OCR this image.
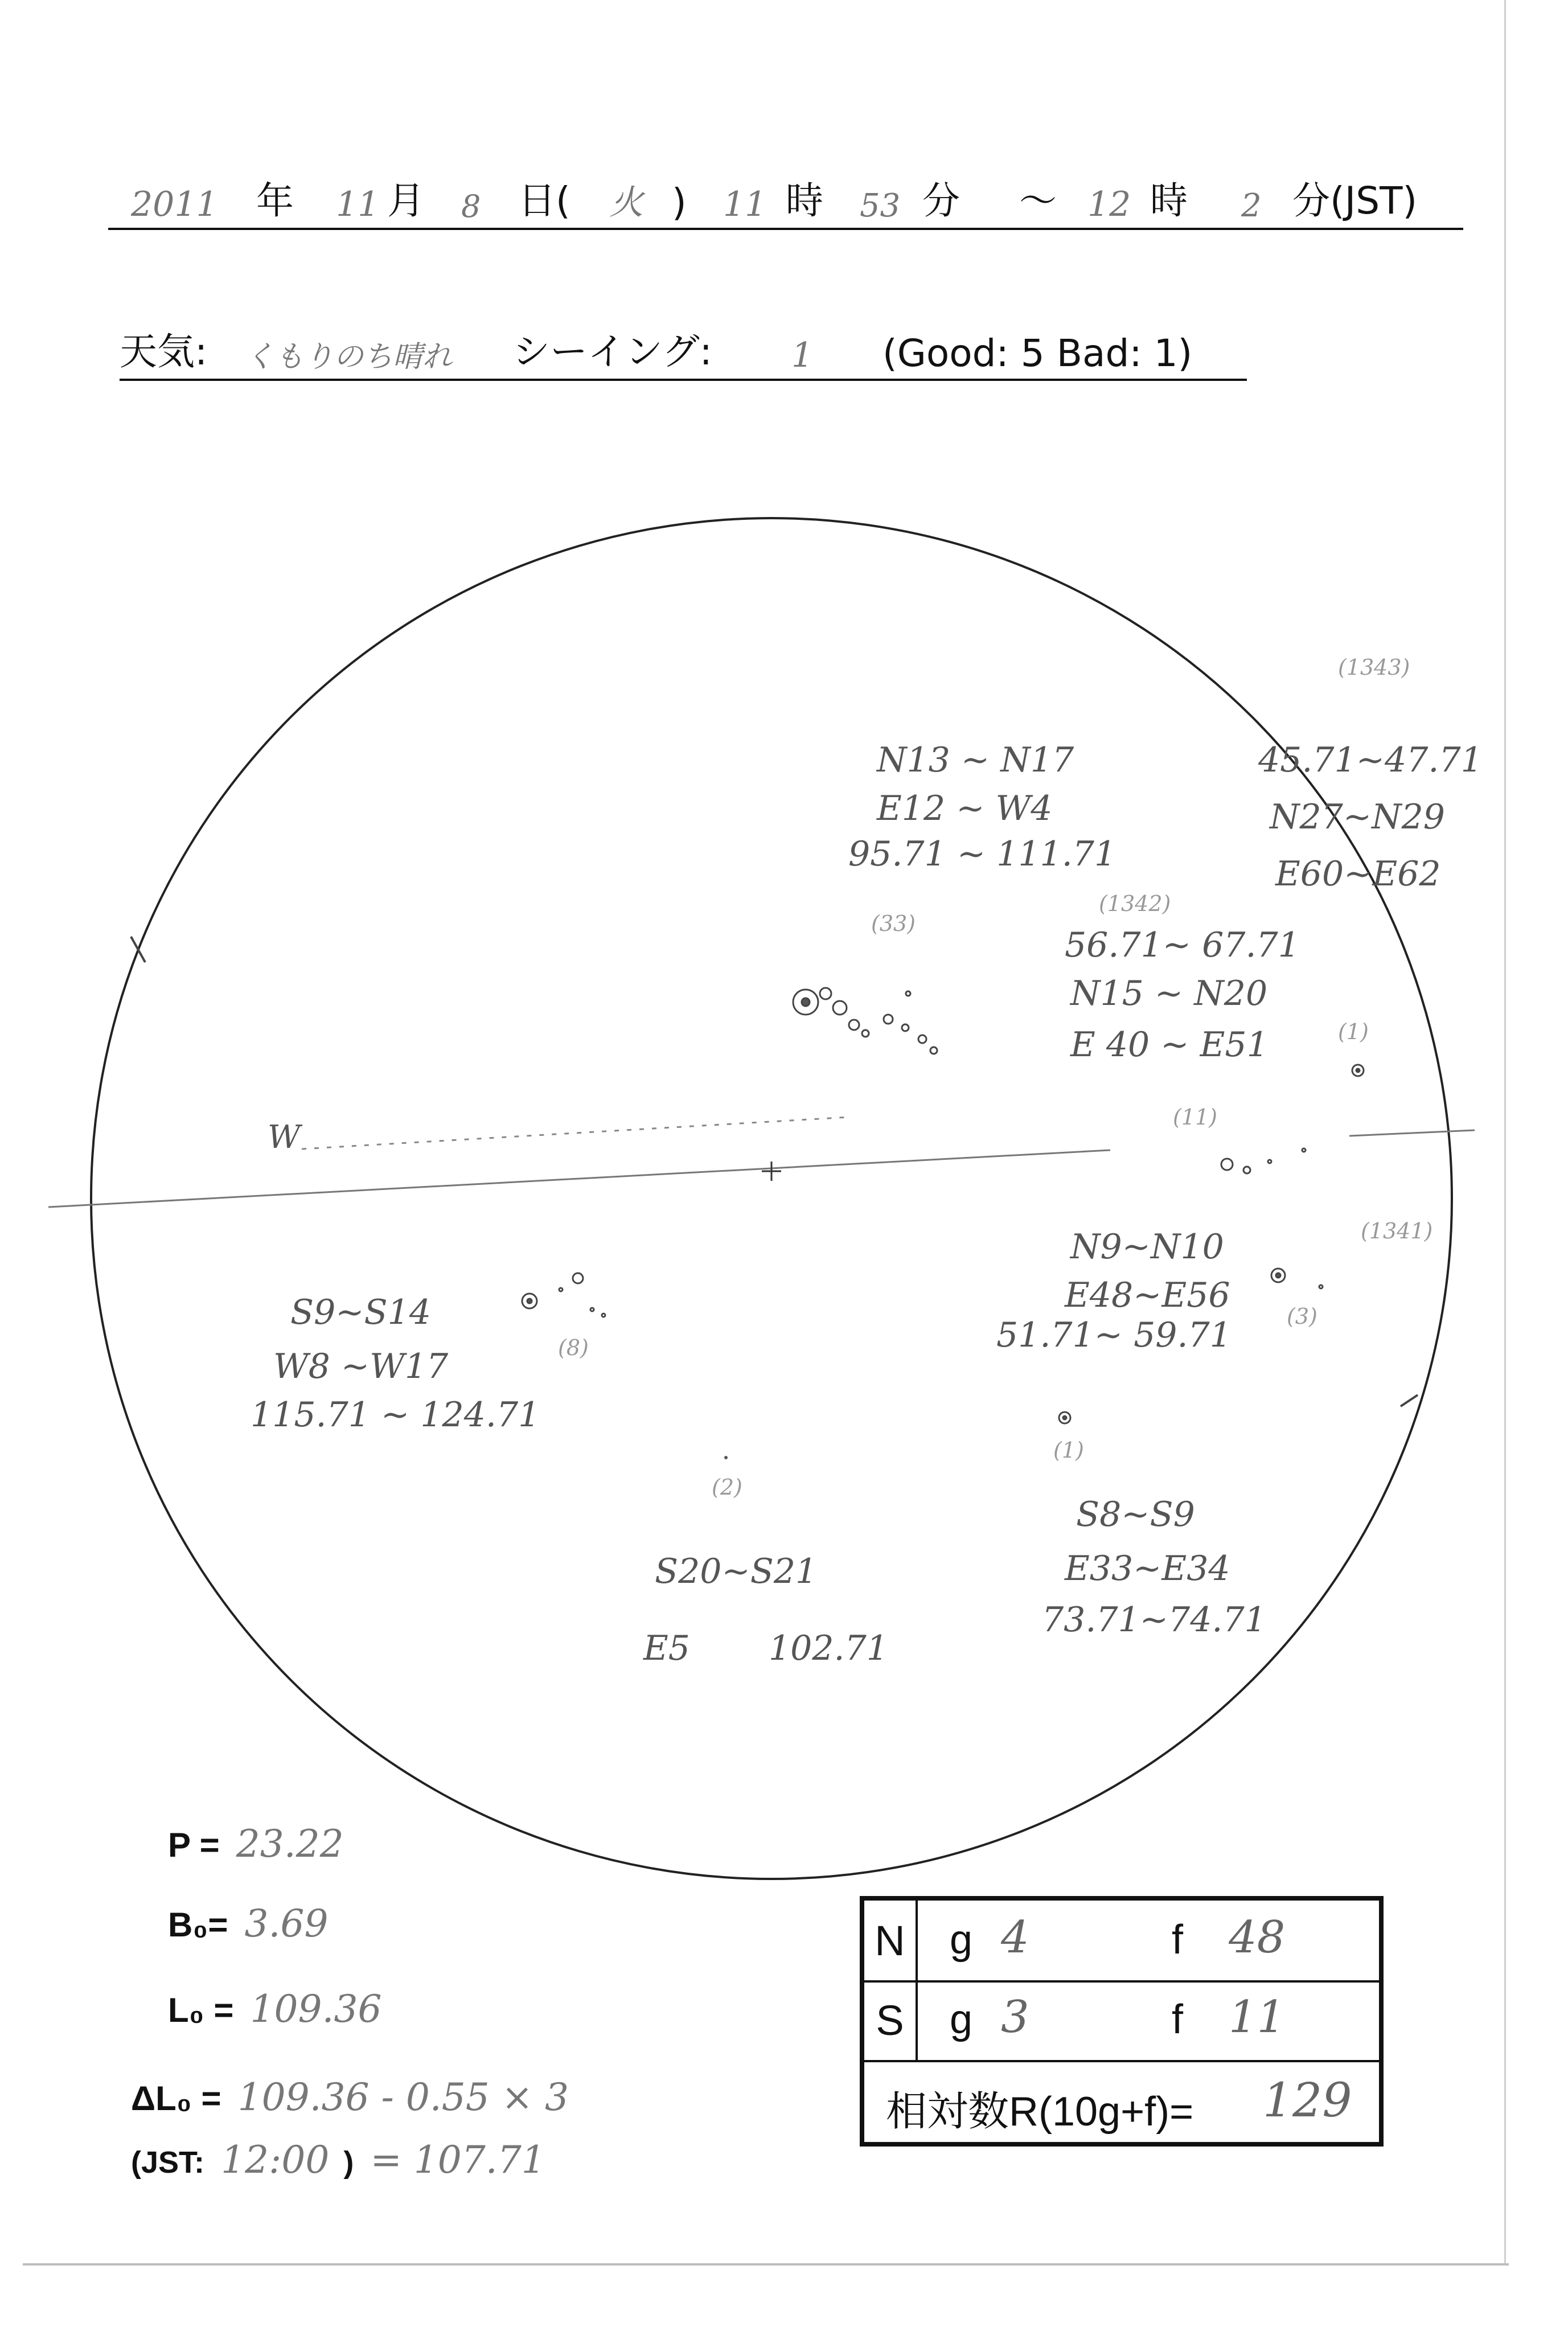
2011 年 11 月 8 日( 火 ) 11 時 53 分 ～ 12 時 2 分(JST)
天気: くもりのち晴れ シーイング: 1 (Good: 5 Bad: 1)
W
(1343)
45.71~47.71
N27~N29
E60~E62
N13 ~ N17
E12 ~ W4
95.71 ~ 111.71
(33)
(1342)
56.71~ 67.71
N15 ~ N20
E 40 ~ E51	(1)
(11)
(1341)
N9~N10
E48~E56
51.71~ 59.71	(3)
S9~S14
W8 ~W17
115.71 ~ 124.71
(8)
(1)
(2)
S8~S9
E33~E34
73.71~74.71
S20~S21
E5 102.71
P = 23.22
B₀= 3.69
L₀ = 109.36
ΔL₀ = 109.36 - 0.55 × 3
(JST: 12:00 ) = 107.71
N	g 4	f 48
S	g 3	f 11
相対数R(10g+f)= 129
